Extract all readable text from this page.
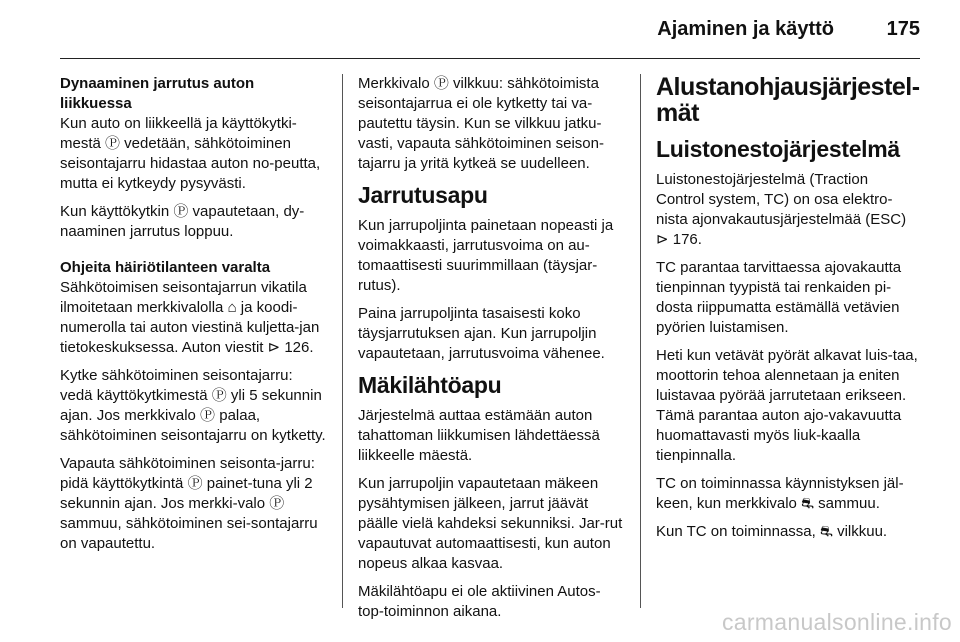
Ajaminen ja käyttö	175
Dynaaminen jarrutus auton liikkuessa

Kun auto on liikkeellä ja käyttökytki-mestä Ⓟ vedetään, sähkötoiminen seisontajarru hidastaa auton no-peutta, mutta ei kytkeydy pysyvästi.

Kun käyttökytkin Ⓟ vapautetaan, dy-naaminen jarrutus loppuu.

Ohjeita häiriötilanteen varalta

Sähkötoimisen seisontajarrun vikatila ilmoitetaan merkkivalolla ⌂ ja koodi-numerolla tai auton viestinä kuljetta-jan tietokeskuksessa. Auton viestit ⊳ 126.

Kytke sähkötoiminen seisontajarru: vedä käyttökytkimestä Ⓟ yli 5 sekunnin ajan. Jos merkkivalo Ⓟ palaa, sähkötoiminen seisontajarru on kytketty.

Vapauta sähkötoiminen seisonta-jarru: pidä käyttökytkintä Ⓟ painet-tuna yli 2 sekunnin ajan. Jos merkki-valo Ⓟ sammuu, sähkötoiminen sei-sontajarru on vapautettu.

Merkkivalo Ⓟ vilkkuu: sähkötoimista seisontajarrua ei ole kytketty tai va-pautettu täysin. Kun se vilkkuu jatku-vasti, vapauta sähkötoiminen seison-tajarru ja yritä kytkeä se uudelleen.

Jarrutusapu

Kun jarrupoljinta painetaan nopeasti ja voimakkaasti, jarrutusvoima on au-tomaattisesti suurimmillaan (täysjar-rutus).

Paina jarrupoljinta tasaisesti koko täysjarrutuksen ajan. Kun jarrupoljin vapautetaan, jarrutusvoima vähenee.

Mäkilähtöapu

Järjestelmä auttaa estämään auton tahattoman liikkumisen lähdettäessä liikkeelle mäestä.

Kun jarrupoljin vapautetaan mäkeen pysähtymisen jälkeen, jarrut jäävät päälle vielä kahdeksi sekunniksi. Jar-rut vapautuvat automaattisesti, kun auton nopeus alkaa kasvaa.

Mäkilähtöapu ei ole aktiivinen Autos-top-toiminnon aikana.

Alustanohjausjärjestel-mät
Luistonestojärjestelmä

Luistonestojärjestelmä (Traction Control system, TC) on osa elektro-nista ajonvakautusjärjestelmää (ESC) ⊳ 176.

TC parantaa tarvittaessa ajovakautta tienpinnan tyypistä tai renkaiden pi-dosta riippumatta estämällä vetävien pyörien luistamisen.

Heti kun vetävät pyörät alkavat luis-taa, moottorin tehoa alennetaan ja eniten luistavaa pyörää jarrutetaan erikseen. Tämä parantaa auton ajo-vakavuutta huomattavasti myös liuk-kaalla tienpinnalla.

TC on toiminnassa käynnistyksen jäl-keen, kun merkkivalo ⛐ sammuu.

Kun TC on toiminnassa, ⛐ vilkkuu.

carmanualsonline.info
